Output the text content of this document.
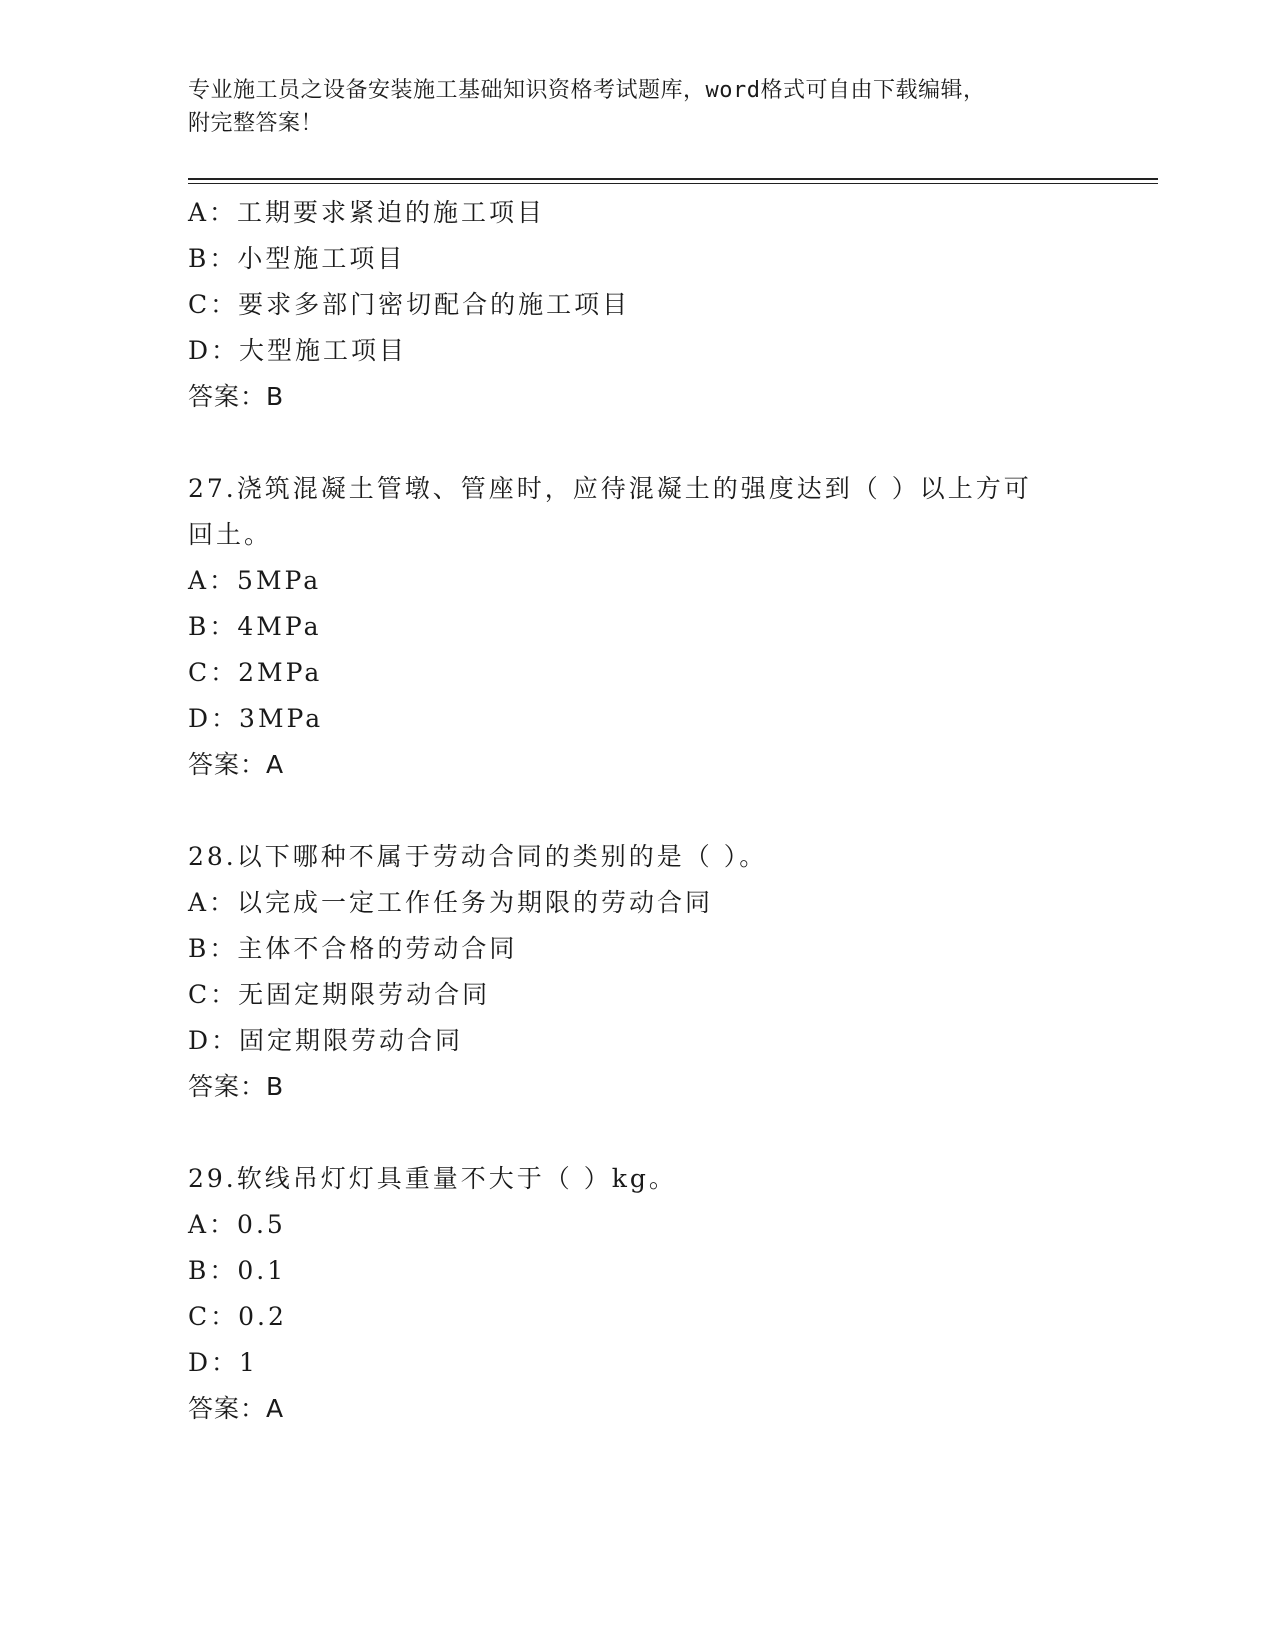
专业施工员之设备安装施工基础知识资格考试题库，word格式可自由下载编辑，
附完整答案！
A：工期要求紧迫的施工项目
B：小型施工项目
C：要求多部门密切配合的施工项目
D：大型施工项目
答案：B
27.浇筑混凝土管墩、管座时，应待混凝土的强度达到（ ）以上方可
回土。
A：5MPa
B：4MPa
C：2MPa
D：3MPa
答案：A
28.以下哪种不属于劳动合同的类别的是（ ）。
A：以完成一定工作任务为期限的劳动合同
B：主体不合格的劳动合同
C：无固定期限劳动合同
D：固定期限劳动合同
答案：B
29.软线吊灯灯具重量不大于（ ）kg。
A：0.5
B：0.1
C：0.2
D：1
答案：A
